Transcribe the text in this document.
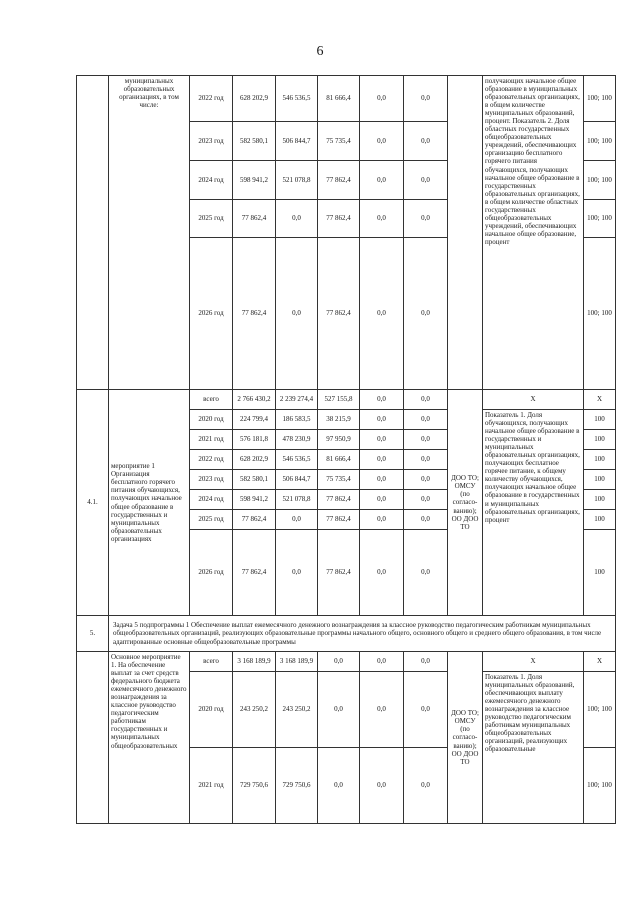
6
	муниципальных образовательных организациях, в том числе:	2022 год	628 202,9	546 536,5	81 666,4	0,0	0,0		получающих начальное общее образование в муниципальных образовательных организациях, в общем количестве муниципальных образований, процент. Показатель 2. Доля областных государственных общеобразовательных учреждений, обеспечивающих организацию бесплатного горячего питания обучающихся, получающих начальное общее образование в государственных образовательных организациях, в общем количестве областных государственных общеобразовательных учреждений, обеспечивающих начальное общее образование, процент	100; 100
		2023 год	582 580,1	506 844,7	75 735,4	0,0	0,0			100; 100
		2024 год	598 941,2	521 078,8	77 862,4	0,0	0,0			100; 100
		2025 год	77 862,4	0,0	77 862,4	0,0	0,0			100; 100
		2026 год	77 862,4	0,0	77 862,4	0,0	0,0			100; 100
4.1.	мероприятие 1 Организация бесплатного горячего питания обучающихся, получающих начальное общее образование в государственных и муниципальных образовательных организациях	всего	2 766 430,2	2 239 274,4	527 155,8	0,0	0,0	ДОО ТО; ОМСУ (по согласо- ванию); ОО ДОО ТО	X	X
		2020 год	224 799,4	186 583,5	38 215,9	0,0	0,0		Показатель 1. Доля обучающихся, получающих начальное общее образование в государственных и муниципальных образовательных организациях, получающих бесплатное горячее питание, к общему количеству обучающихся, получающих начальное общее образование в государственных и муниципальных образовательных организациях, процент	100
		2021 год	576 181,8	478 230,9	97 950,9	0,0	0,0			100
		2022 год	628 202,9	546 536,5	81 666,4	0,0	0,0			100
		2023 год	582 580,1	506 844,7	75 735,4	0,0	0,0			100
		2024 год	598 941,2	521 078,8	77 862,4	0,0	0,0			100
		2025 год	77 862,4	0,0	77 862,4	0,0	0,0			100
		2026 год	77 862,4	0,0	77 862,4	0,0	0,0			100
5.	Задача 5 подпрограммы 1 Обеспечение выплат ежемесячного денежного вознаграждения за классное руководство педагогическим работникам муниципальных общеобразовательных организаций, реализующих образовательные программы начального общего, основного общего и среднего общего образования, в том числе адаптированные основные общеобразовательные программы									
	Основное мероприятие 1. На обеспечение выплат за счет средств федерального бюджета ежемесячного денежного вознаграждения за классное руководство педагогическим работникам государственных и муниципальных общеобразовательных	всего	3 168 189,9	3 168 189,9	0,0	0,0	0,0	ДОО ТО; ОМСУ (по согласо- ванию); ОО ДОО ТО	X	X
		2020 год	243 250,2	243 250,2	0,0	0,0	0,0		Показатель 1. Доля муниципальных образований, обеспечивающих выплату ежемесячного денежного вознаграждения за классное руководство педагогическим работникам муниципальных общеобразовательных организаций, реализующих образовательные	100; 100
		2021 год	729 750,6	729 750,6	0,0	0,0	0,0			100; 100
